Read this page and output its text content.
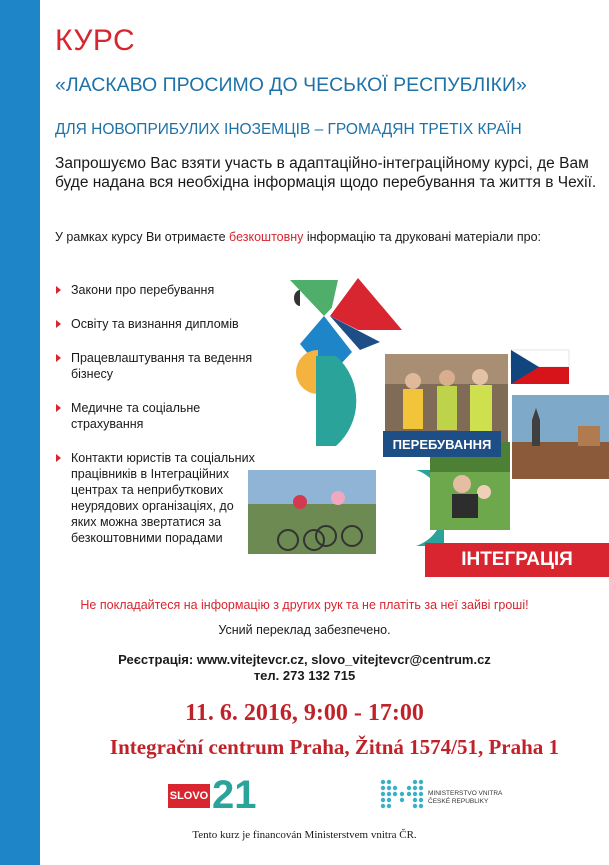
КУРС
«ЛАСКАВО ПРОСИМО ДО ЧЕСЬКОЇ РЕСПУБЛІКИ»
ДЛЯ НОВОПРИБУЛИХ ІНОЗЕМЦІВ – ГРОМАДЯН ТРЕТІХ КРАЇН
Запрошуємо Вас взяти участь в адаптаційно-інтеграційному курсі, де Вам буде надана вся необхідна інформація щодо перебування та життя в Чехії.
У рамках курсу Ви отримаєте безкоштовну інформацію та друковані матеріали про:
Закони про перебування
Освіту та визнання дипломів
Працевлаштування та ведення бізнесу
Медичне та соціальне страхування
Контакти юристів та соціальних працівників в Інтеграційних центрах та неприбуткових неурядових організаціях, до яких можна звертатися за безкоштовними порадами
ПЕРЕБУВАННЯ
ІНТЕГРАЦІЯ
Не покладайтеся на інформацію з других рук та не платіть за неї зайві гроші!
Усний переклад забезпечено.
Реєстрація: www.vitejtevcr.cz, slovo_vitejtevcr@centrum.cz
тел. 273 132 715
11. 6. 2016, 9:00 - 17:00
Integrační centrum Praha, Žitná 1574/51, Praha 1
SLOVO 21	MINISTERSTVO VNITRA
ČESKÉ REPUBLIKY
Tento kurz je financován Ministerstvem vnitra ČR.
